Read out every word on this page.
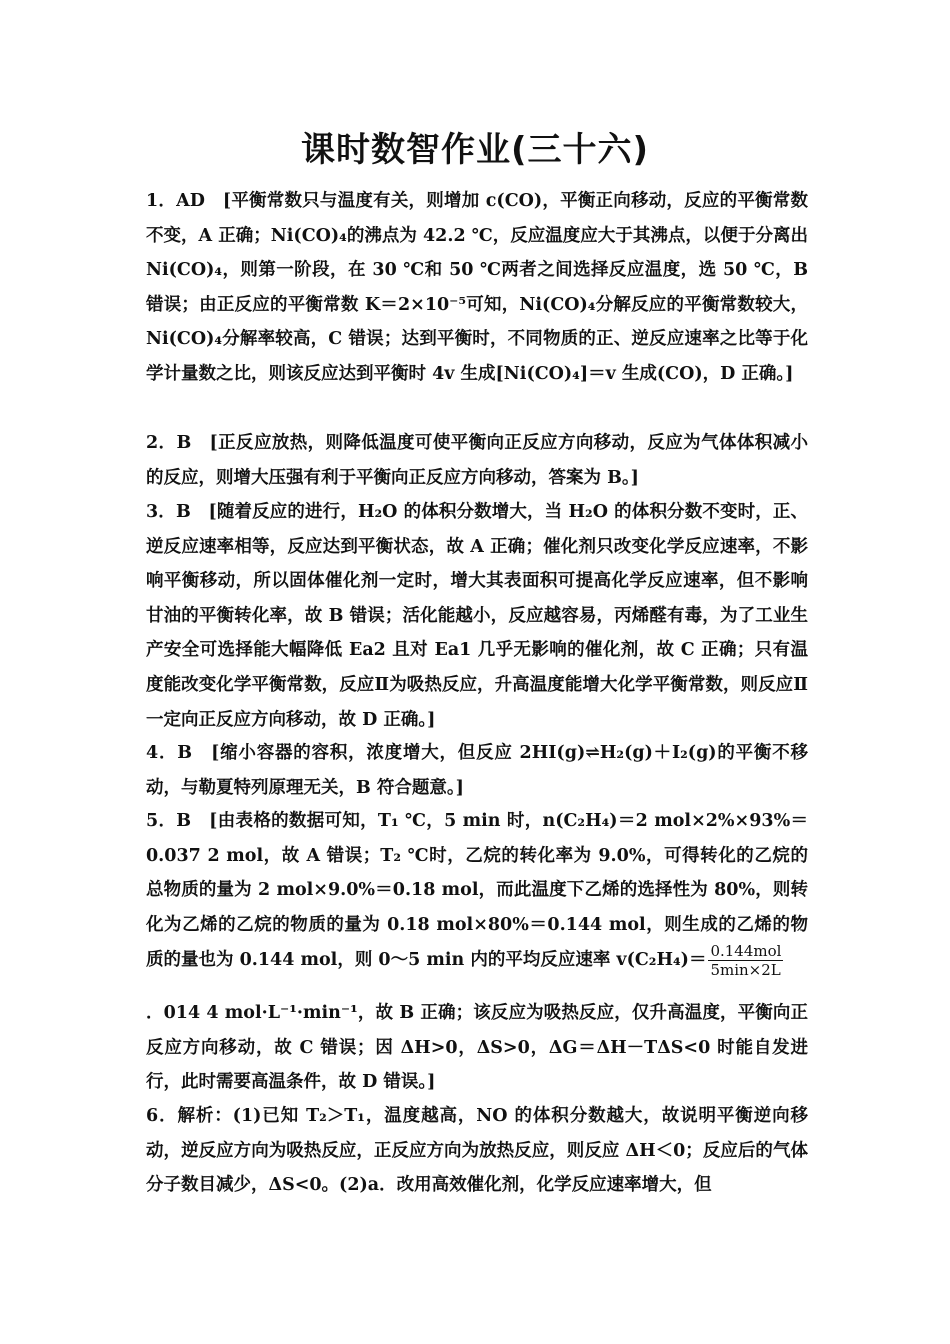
课时数智作业(三十六)
1．AD　[平衡常数只与温度有关，则增加 c(CO)，平衡正向移动，反应的平衡常数不变，A 正确；Ni(CO)₄的沸点为 42.2 ℃，反应温度应大于其沸点，以便于分离出 Ni(CO)₄，则第一阶段，在 30 ℃和 50 ℃两者之间选择反应温度，选 50 ℃，B 错误；由正反应的平衡常数 K＝2×10⁻⁵可知，Ni(CO)₄分解反应的平衡常数较大，Ni(CO)₄分解率较高，C 错误；达到平衡时，不同物质的正、逆反应速率之比等于化学计量数之比，则该反应达到平衡时 4v 生成[Ni(CO)₄]＝v 生成(CO)，D 正确。]
2．B　[正反应放热，则降低温度可使平衡向正反应方向移动，反应为气体体积减小的反应，则增大压强有利于平衡向正反应方向移动，答案为 B。]
3．B　[随着反应的进行，H₂O 的体积分数增大，当 H₂O 的体积分数不变时，正、逆反应速率相等，反应达到平衡状态，故 A 正确；催化剂只改变化学反应速率，不影响平衡移动，所以固体催化剂一定时，增大其表面积可提高化学反应速率，但不影响甘油的平衡转化率，故 B 错误；活化能越小，反应越容易，丙烯醛有毒，为了工业生产安全可选择能大幅降低 Ea2 且对 Ea1 几乎无影响的催化剂，故 C 正确；只有温度能改变化学平衡常数，反应Ⅱ为吸热反应，升高温度能增大化学平衡常数，则反应Ⅱ一定向正反应方向移动，故 D 正确。]
4．B　[缩小容器的容积，浓度增大，但反应 2HI(g)⇌H₂(g)＋I₂(g)的平衡不移动，与勒夏特列原理无关，B 符合题意。]
5．B　[由表格的数据可知，T₁ ℃，5 min 时，n(C₂H₄)＝2 mol×2%×93%＝0.037 2 mol，故 A 错误；T₂ ℃时，乙烷的转化率为 9.0%，可得转化的乙烷的总物质的量为 2 mol×9.0%＝0.18 mol，而此温度下乙烯的选择性为 80%，则转化为乙烯的乙烷的物质的量为 0.18 mol×80%＝0.144 mol，则生成的乙烯的物质的量也为 0.144 mol，则 0～5 min 内的平均反应速率 $v(C_2H_4)= \frac{\text{0.144mol}}{5\min\times 2L}$
．014 4 mol·L⁻¹·min⁻¹，故 B 正确；该反应为吸热反应，仅升高温度，平衡向正反应方向移动，故 C 错误；因 ΔH>0，ΔS>0，ΔG＝ΔH－TΔS<0 时能自发进行，此时需要高温条件，故 D 错误。]
6．解析：(1)已知 T₂＞T₁，温度越高，NO 的体积分数越大，故说明平衡逆向移动，逆反应方向为吸热反应，正反应方向为放热反应，则反应 ΔH＜0；反应后的气体分子数目减少，ΔS<0。(2)a．改用高效催化剂，化学反应速率增大，但
